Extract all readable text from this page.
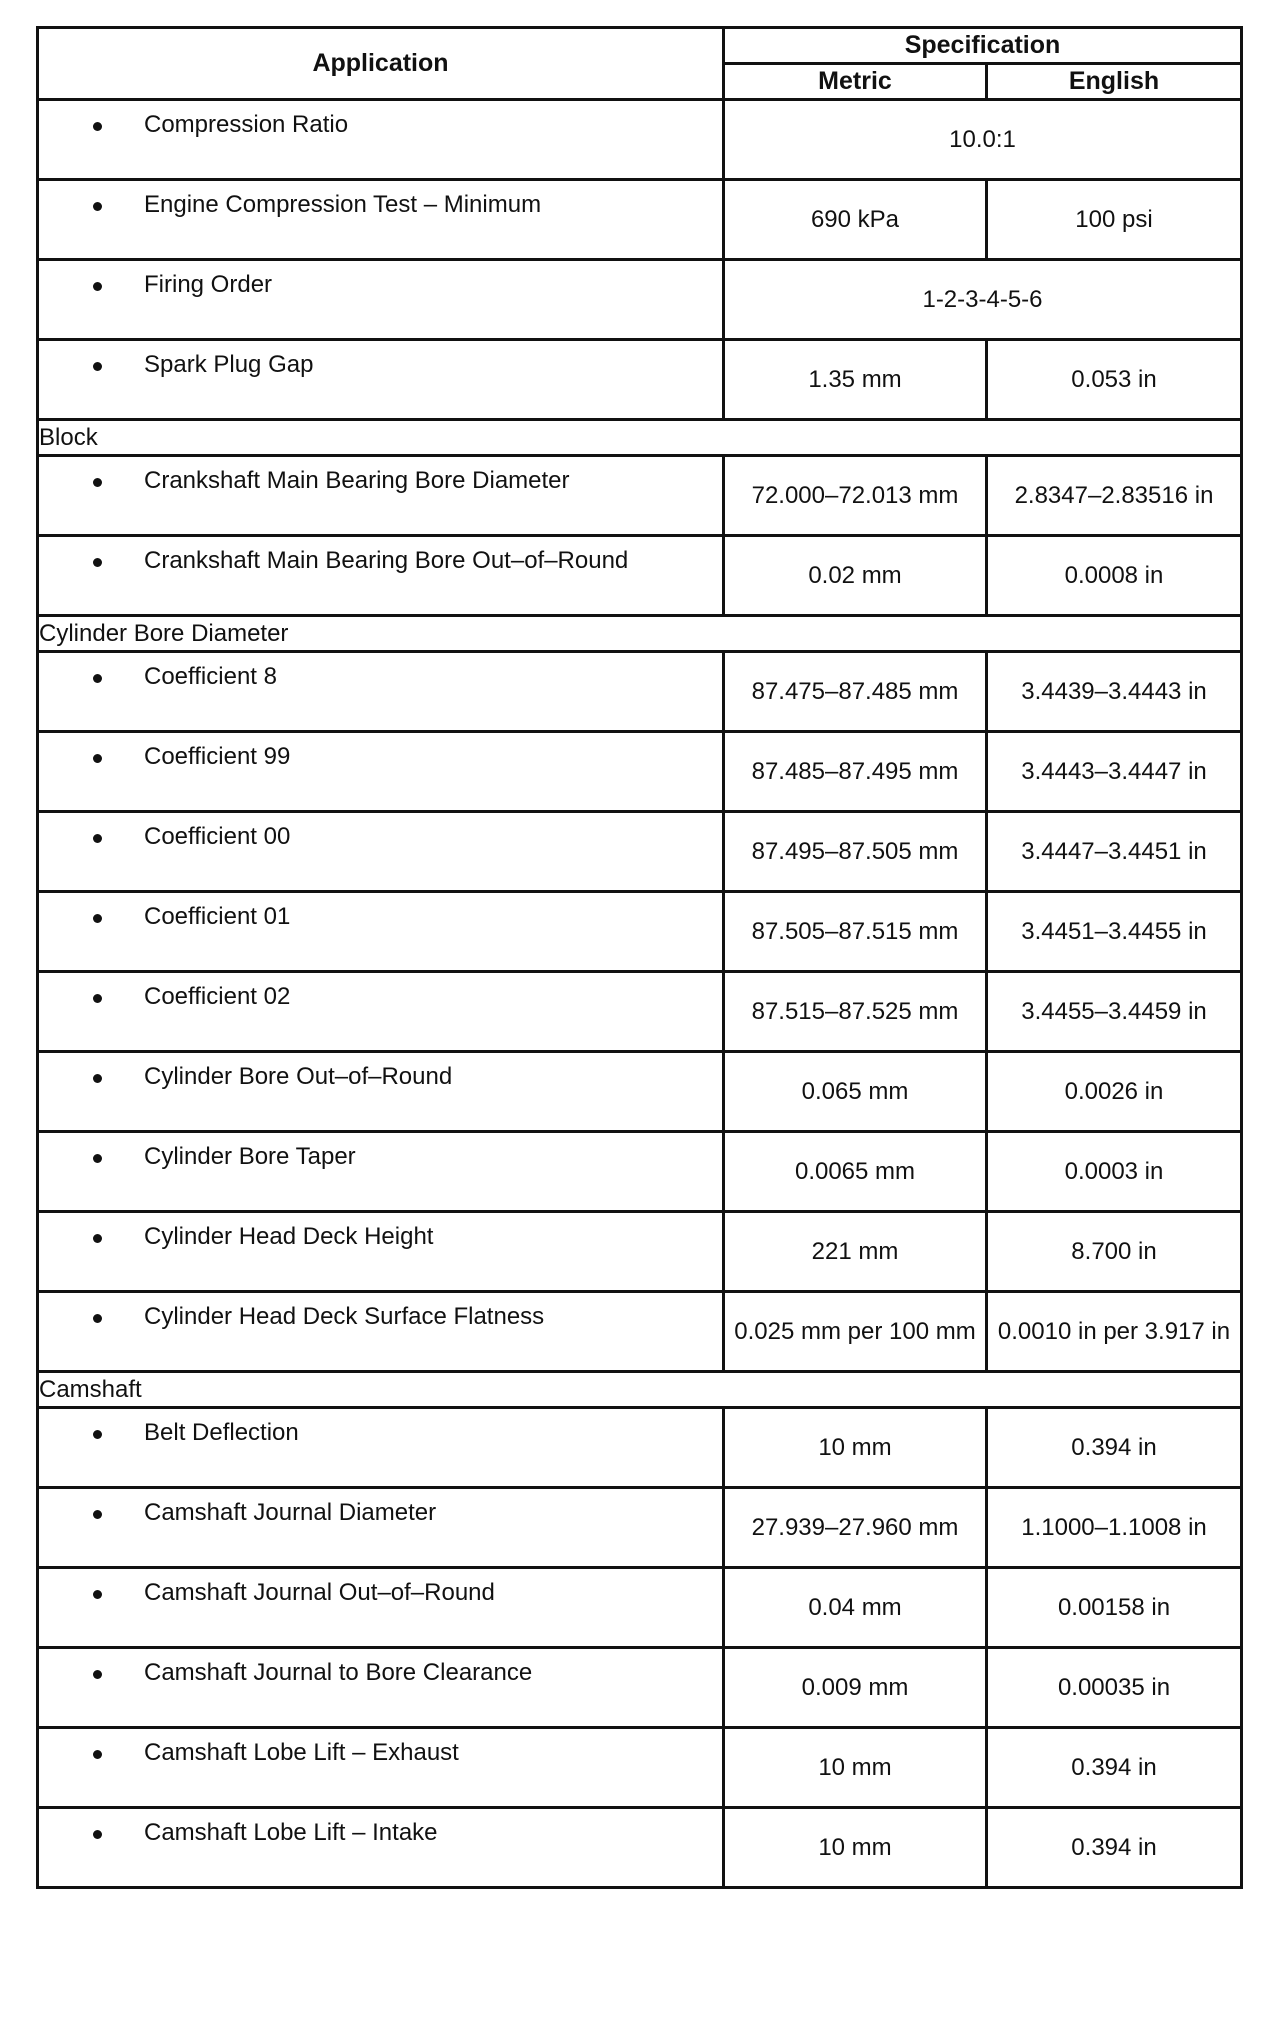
Application	Specification	
	Metric	English

Compression Ratio	10.0:1	

Engine Compression Test – Minimum	690 kPa	100 psi

Firing Order	1-2-3-4-5-6	

Spark Plug Gap	1.35 mm	0.053 in
Block		

Crankshaft Main Bearing Bore Diameter	72.000–72.013 mm	2.8347–2.83516 in

Crankshaft Main Bearing Bore Out–of–Round	0.02 mm	0.0008 in
Cylinder Bore Diameter		

Coefficient 8	87.475–87.485 mm	3.4439–3.4443 in

Coefficient 99	87.485–87.495 mm	3.4443–3.4447 in

Coefficient 00	87.495–87.505 mm	3.4447–3.4451 in

Coefficient 01	87.505–87.515 mm	3.4451–3.4455 in

Coefficient 02	87.515–87.525 mm	3.4455–3.4459 in

Cylinder Bore Out–of–Round	0.065 mm	0.0026 in

Cylinder Bore Taper	0.0065 mm	0.0003 in

Cylinder Head Deck Height	221 mm	8.700 in

Cylinder Head Deck Surface Flatness	0.025 mm per 100 mm	0.0010 in per 3.917 in
Camshaft		

Belt Deflection	10 mm	0.394 in

Camshaft Journal Diameter	27.939–27.960 mm	1.1000–1.1008 in

Camshaft Journal Out–of–Round	0.04 mm	0.00158 in

Camshaft Journal to Bore Clearance	0.009 mm	0.00035 in

Camshaft Lobe Lift – Exhaust	10 mm	0.394 in

Camshaft Lobe Lift – Intake	10 mm	0.394 in
